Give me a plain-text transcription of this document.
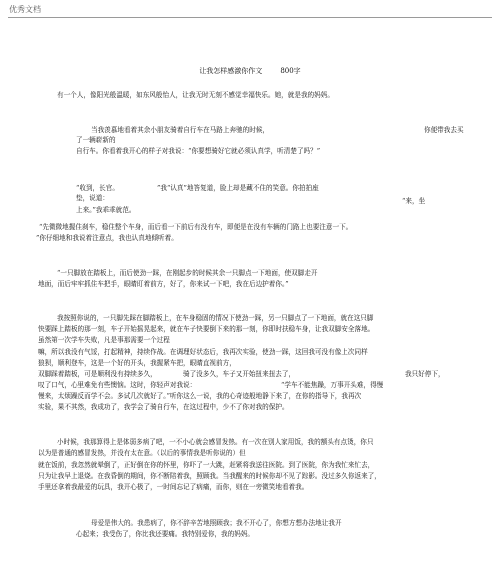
优秀文档
让我怎样感激你作文	800字
有一个人，像阳光般温暖，如东风般怡人，让我无时无刻不感觉幸福快乐。她，就是我的妈妈。
当我羡慕地看着其余小朋友骑着自行车在马路上奔驰的时候，	你便带我去买
了一辆崭新的
自行车。你看着我开心的样子对我说：“你要想骑好它就必须认真学，听清楚了吗？”
“收到，长官。	”我“认真”地答复道，脸上却是藏不住的笑意。你拍拍座
垫，说道：	“来，坐
上来。”我乖乖就范。
“先微微地握住刹车，稳住整个车身，而后看一下前后有没有车，即便是在没有车辆的门路上也要注意一下。
”你仔细地和我说着注意点，我也认真地倾听着。
“一只脚放在踏板上，而后使劲一踩，在刚起步的时候其余一只脚点一下地面，使双脚走开
地面，而后牢牢抓住车把手，眼睛盯着前方，好了，你来试一下吧，我在后边护着你。”
我按照你说的，一只脚先踩在脚踏板上，在车身稳固的情况下使劲一踩，另一只脚点了一下地面，就在这只脚
快要踩上踏板的那一刻，车子开始摇晃起来，就在车子快要倒下来的那一刻，你即时扶稳车身，让我双脚安全落地。
虽然第一次学车失败，凡是事那需要一个过程
嘛，所以我没有气馁，打起精神，持续作战。在调理好状态后，我再次实验，使劲一踩，这回我可没有像上次同样
狼狈，顺利登车，这是一个好的开头，我握紧车把，眼睛直视前方，
双脚踩着踏板，可是顺利没有持续多久，	骑了没多久，车子又开始扭来扭去了，	我只好停下，
叹了口气，心里难免有些懊恼。这时，你轻声对我说：	“学车不能焦躁，万事开头难，得慢
慢来，太烦躁反而学不会。多试几次就好了。”听你这么一说，我的心奇迹般地静下来了，在你的指导下，我再次
实验，果不其然，我成功了，我学会了骑自行车，在这过程中，少不了你对我的保护。
小时候，我那算得上是体弱多病了吧，一不小心就会感冒发热。有一次在别人家用饭，我的额头有点烫，你只
以为是普通的感冒发热，并没有太在意。（以后的事情我是听你说的）但
就在饭前，我忽然就晕倒了，正好倒在你的怀里，你吓了一大跳，赶紧将我送往医院。到了医院，你为我忙来忙去，
只为让我早上退烧。在我昏倒的期间，你不断陪着我，照顾我。当我醒来的时候你却不见了踪影。没过多久你返来了，
手里还拿着我最爱的玩具，我开心极了，一时间忘记了病痛，而你，则在一旁微笑地看着我。
母爱是伟大的。我患病了，你不辞辛苦地照顾我；我不开心了，你想方想办法地让我开
心起来；我受伤了，你比我还要痛。我特别爱你，我的妈妈。
